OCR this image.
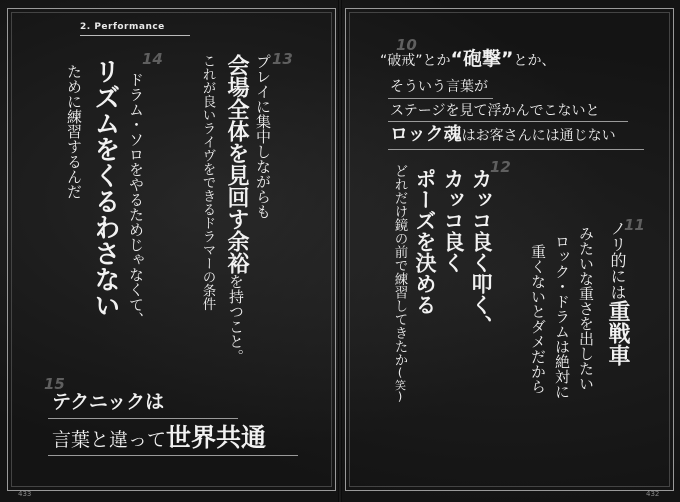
2. Performance
13
プレイに集中しながらも
会場全体を見回す余裕を持つこと。
これが良いライヴをできるドラマーの条件
14
ドラム・ソロをやるためじゃなくて、
リズムをくるわさない
ために練習するんだ
15
テクニックは
言葉と違って世界共通
433
10
“破戒”とか“砲撃”とか、
そういう言葉が
ステージを見て浮かんでこないと
ロック魂はお客さんには通じない
12
カッコ良く叩く、
カッコ良く
ポーズを決める
どれだけ鏡の前で練習してきたか(笑)
11
ノリ的には重戦車
みたいな重さを出したい
ロック・ドラムは絶対に
重くないとダメだから
432
